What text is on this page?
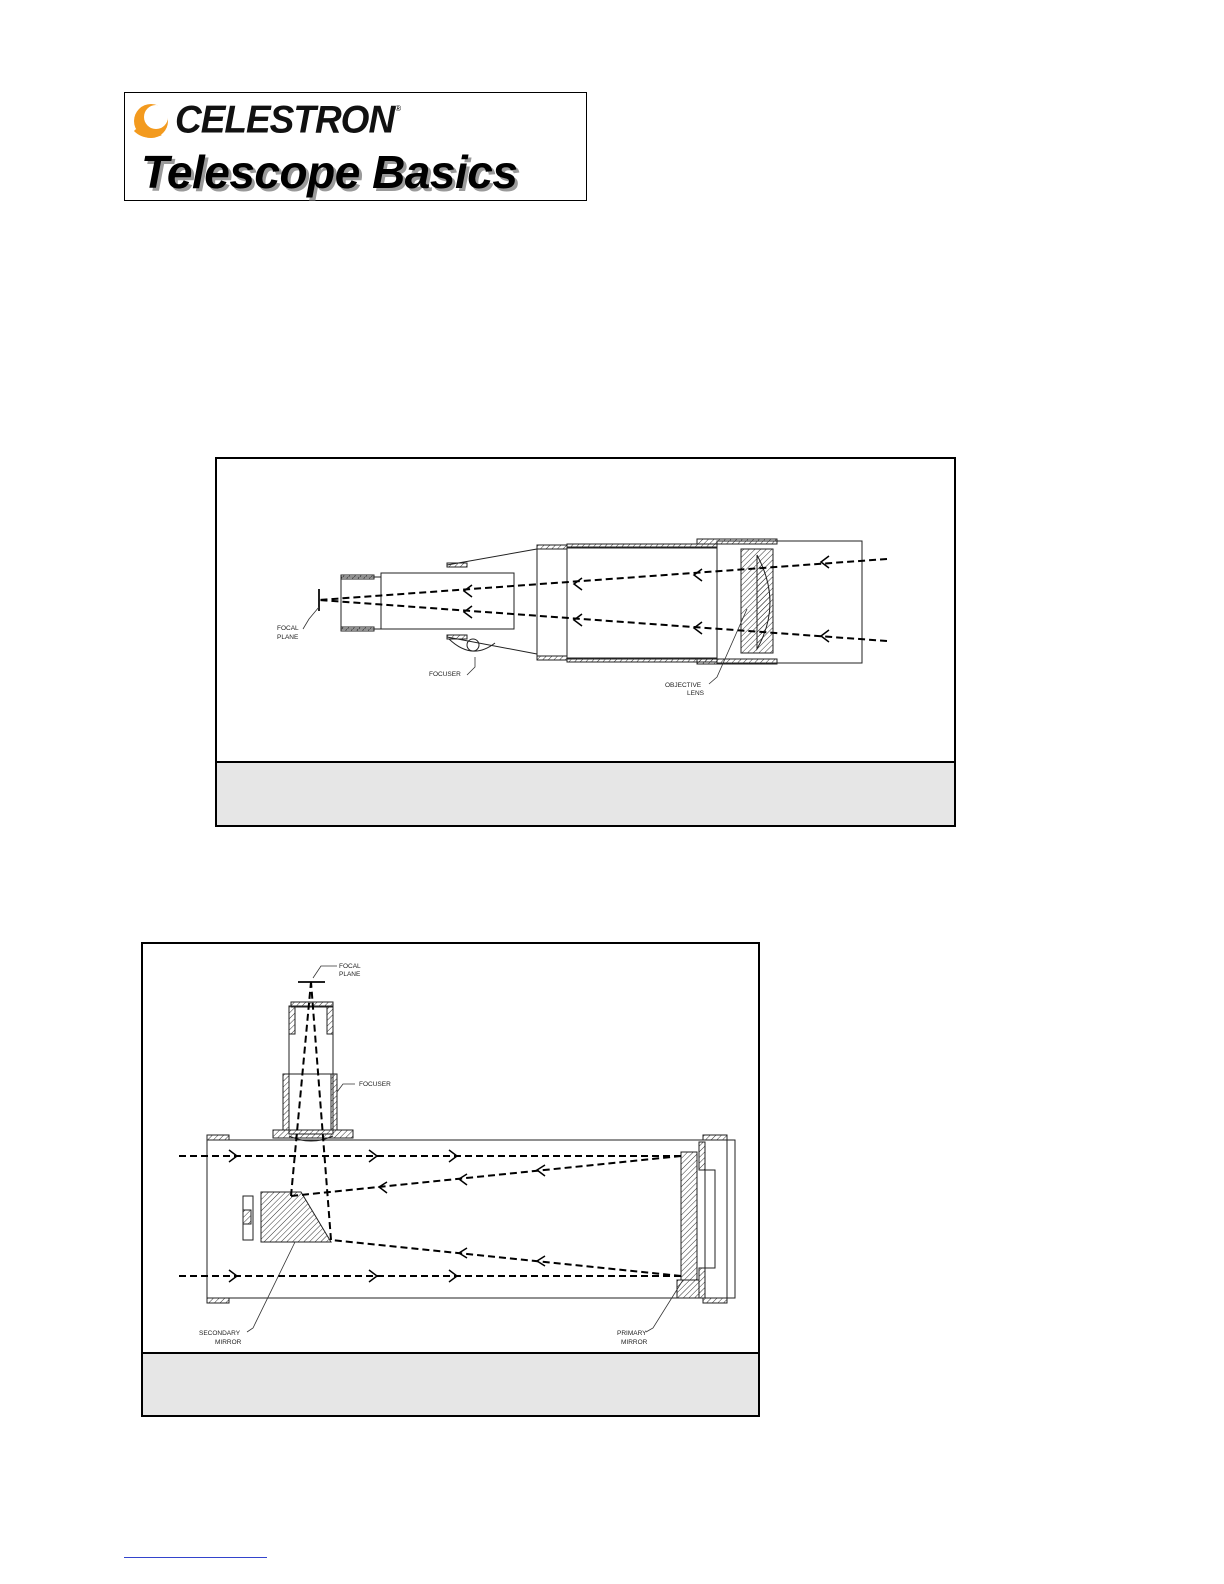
CELESTRON ®
Telescope Basics
FOCAL
PLANE
FOCUSER
OBJECTIVE
LENS
FOCAL
PLANE
FOCUSER
SECONDARY
MIRROR
PRIMARY
MIRROR
